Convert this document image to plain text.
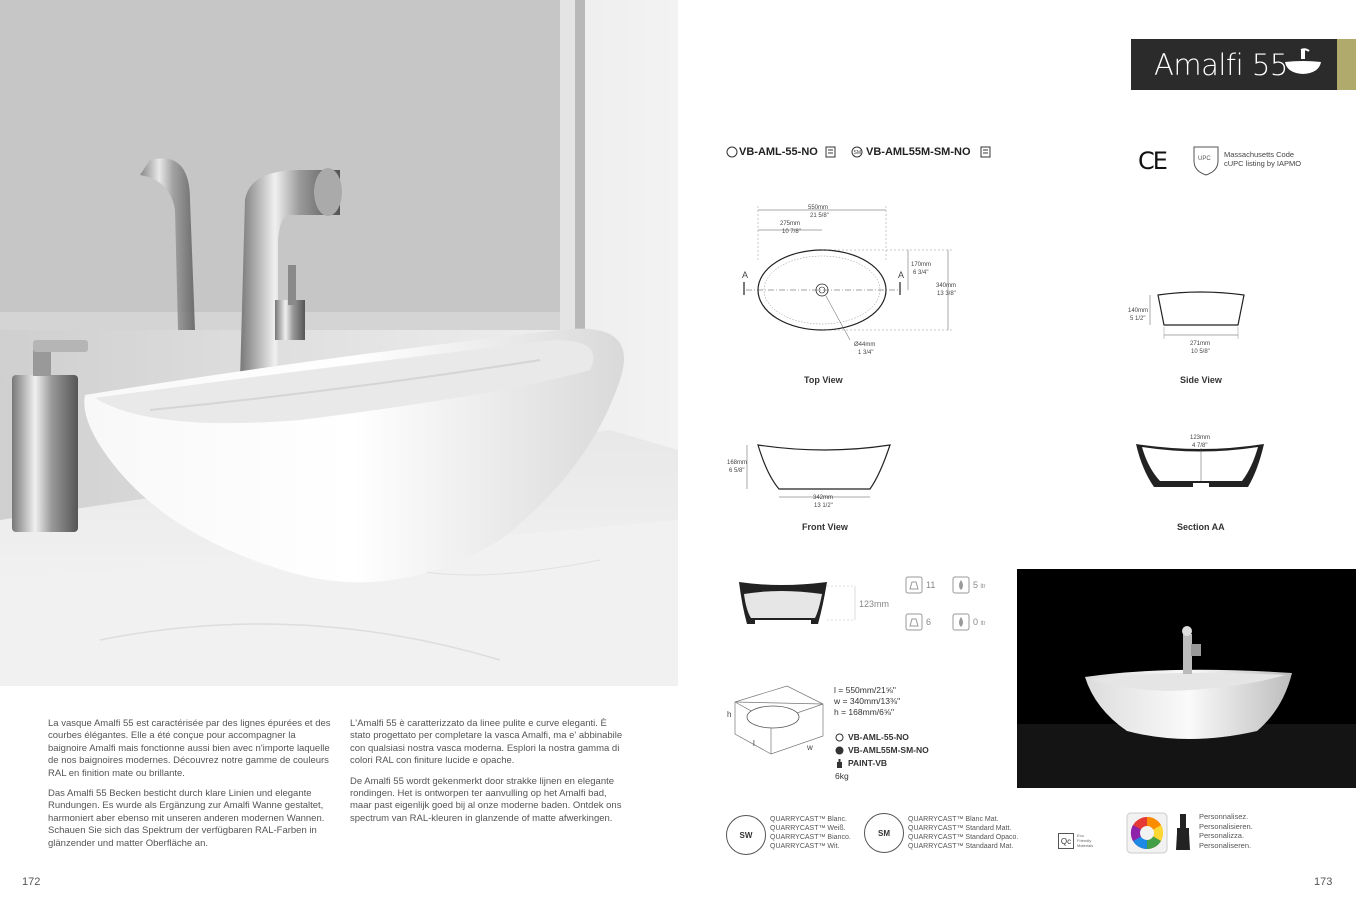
La vasque Amalfi 55 est caractérisée par des lignes épurées et des courbes élégantes. Elle a été conçue pour accompagner la baignoire Amalfi mais fonctionne aussi bien avec n'importe laquelle de nos baignoires modernes. Découvrez notre gamme de couleurs RAL en finition mate ou brillante.

Das Amalfi 55 Becken besticht durch klare Linien und elegante Rundungen. Es wurde als Ergänzung zur Amalfi Wanne gestaltet, harmoniert aber ebenso mit unseren anderen modernen Wannen. Schauen Sie sich das Spektrum der verfügbaren RAL-Farben in glänzender und matter Oberfläche an.

L'Amalfi 55 è caratterizzato da linee pulite e curve eleganti. È stato progettato per completare la vasca Amalfi, ma e' abbinabile con qualsiasi nostra vasca moderna. Esplori la nostra gamma di colori RAL con finiture lucide e opache.

De Amalfi 55 wordt gekenmerkt door strakke lijnen en elegante rondingen. Het is ontworpen ter aanvulling op het Amalfi bad, maar past eigenlijk goed bij al onze moderne baden. Ontdek ons spectrum van RAL-kleuren in glanzende of matte afwerkingen.

172	173
Amalfi 55
VB-AML-55-NO	SM VB-AML55M-SM-NO	CE	UPC Massachusetts Code
cUPC listing by IAPMO
550mm
21 5/8"
275mm
10 7/8"
A	A
170mm
6 3/4"
340mm
13 3/8"
Ø44mm
1 3/4"
Top View
140mm
5 1/2"
271mm
10 5/8"
Side View
168mm
6 5/8"
342mm
13 1/2"
Front View
123mm
4 7/8"
Section AA
123mm
11	5 ltr
6	0 ltr
h
l	w
l = 550mm/21⅝"
w = 340mm/13⅜"
h = 168mm/6⅝"
VB-AML-55-NO
VB-AML55M-SM-NO
PAINT-VB
6kg
SW
QUARRYCAST™ Blanc.
QUARRYCAST™ Weiß.
QUARRYCAST™ Bianco.
QUARRYCAST™ Wit.
SM
QUARRYCAST™ Blanc Mat.
QUARRYCAST™ Standard Matt.
QUARRYCAST™ Standard Opaco.
QUARRYCAST™ Standaard Mat.
Qc
Eco
Friendly
Materials
Personnalisez.
Personalisieren.
Personalizza.
Personaliseren.
